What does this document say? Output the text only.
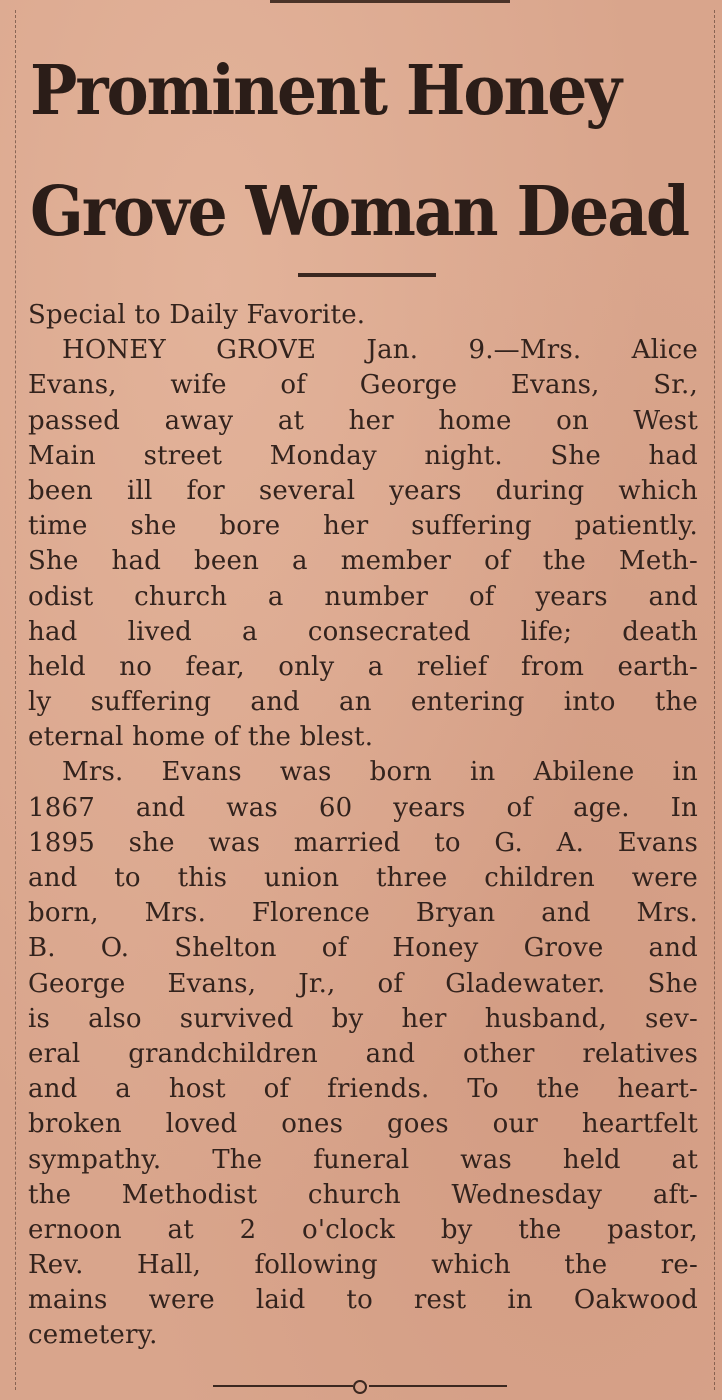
Prominent Honey
Grove Woman Dead
Special to Daily Favorite.
HONEY GROVE Jan. 9.—Mrs. Alice
Evans, wife of George Evans, Sr.,
passed away at her home on West
Main street Monday night. She had
been ill for several years during which
time she bore her suffering patiently.
She had been a member of the Meth-
odist church a number of years and
had lived a consecrated life; death
held no fear, only a relief from earth-
ly suffering and an entering into the
eternal home of the blest.
Mrs. Evans was born in Abilene in
1867 and was 60 years of age. In
1895 she was married to G. A. Evans
and to this union three children were
born, Mrs. Florence Bryan and Mrs.
B. O. Shelton of Honey Grove and
George Evans, Jr., of Gladewater. She
is also survived by her husband, sev-
eral grandchildren and other relatives
and a host of friends. To the heart-
broken loved ones goes our heartfelt
sympathy. The funeral was held at
the Methodist church Wednesday aft-
ernoon at 2 o'clock by the pastor,
Rev. Hall, following which the re-
mains were laid to rest in Oakwood
cemetery.
